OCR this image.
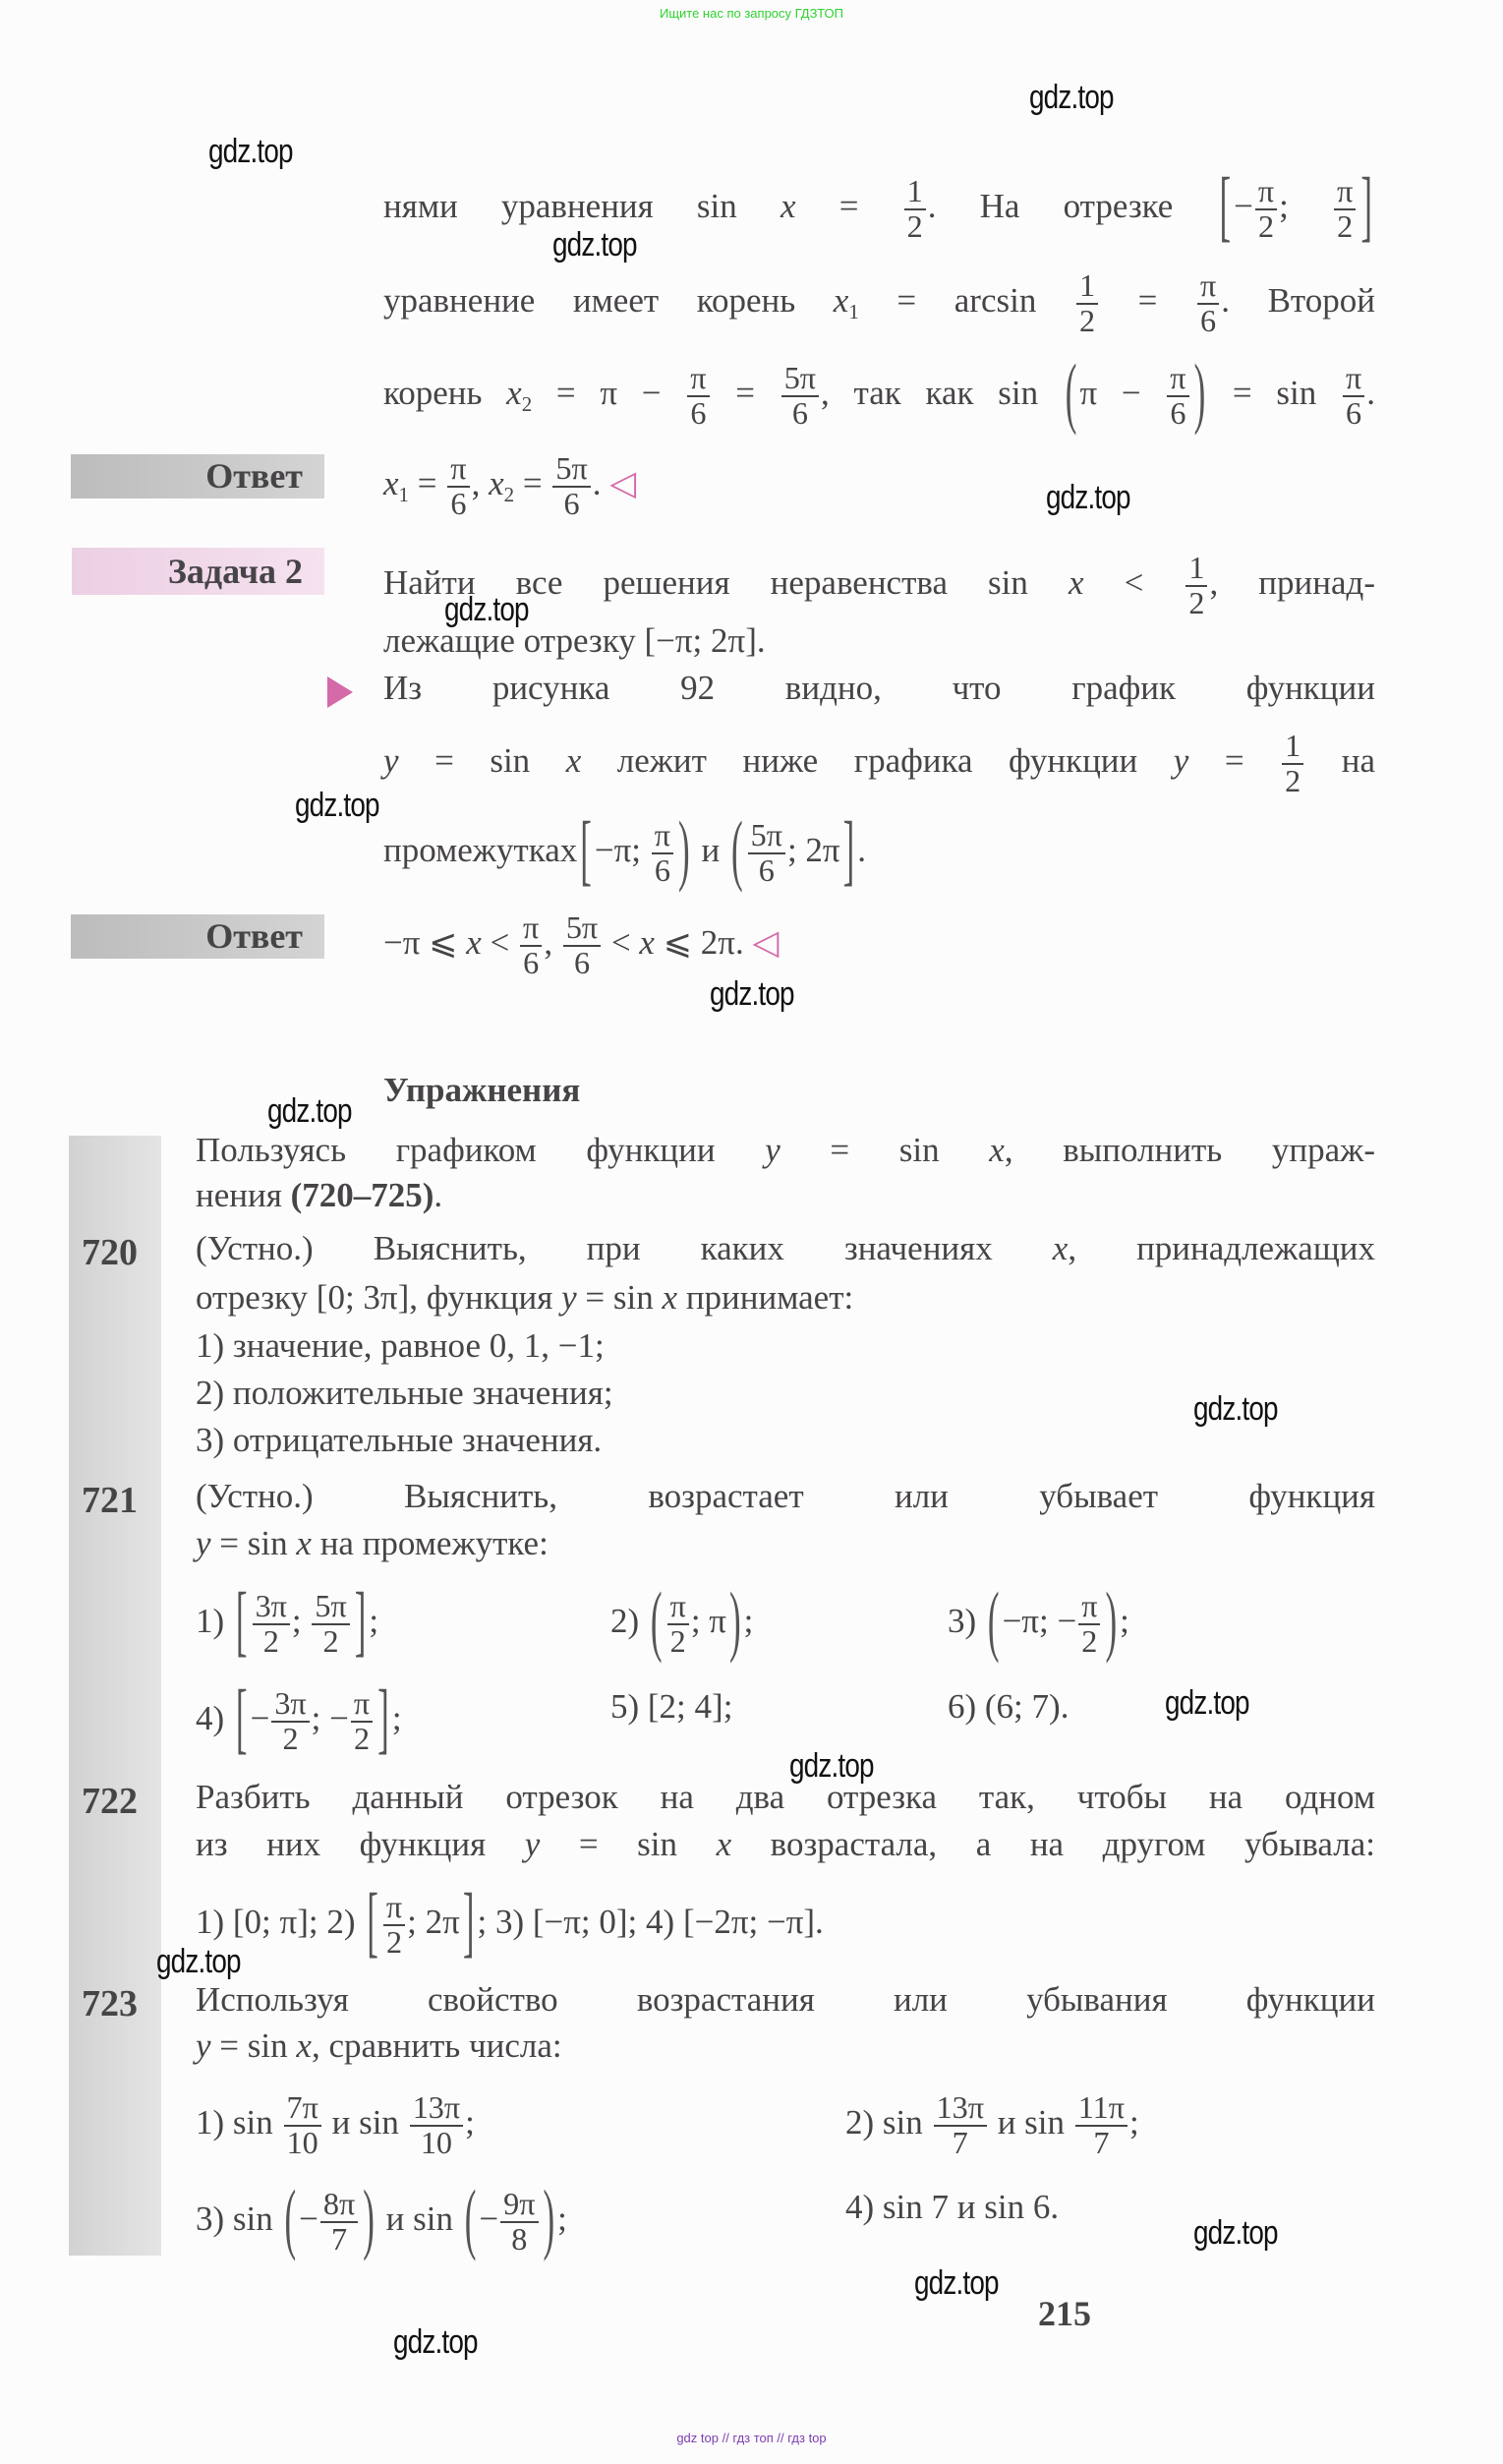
Ищите нас по запросу ГДЗТОП
Ответ
Задача 2
Ответ
нями уравнения $\sin x = \frac{1}{2}$ . На отрезке [− $\frac{\pi}{2}$ ; $\frac{\pi}{2}$ ]
уравнение имеет корень $x_1 = \arcsin \frac{1}{2} = \frac{\pi}{6}$ . Второй
корень $x_2 = \pi - \frac{\pi}{6} = \frac{5\pi}{6}$ , так как $\sin (\pi - \frac{\pi}{6}$ ) = $\sin \frac{\pi}{6}$ .
$x_1 = \frac{\pi}{6}$ , $x_2 = \frac{5\pi}{6}$ . ◁
Найти все решения неравенства $\sin x < \frac{1}{2}$ , принад-
лежащие отрезку [−π; 2π].
Из рисунка 92 видно, что график функции
y = sin x лежит ниже графика функции $y = \frac{1}{2}$ на
промежутках[−π; $\frac{\pi}{6}$ ) и ( $\frac{5\pi}{6}$ ; 2π].
−π ⩽ $x < \frac{\pi}{6}$ , $\frac{5\pi}{6} < x$ ⩽ 2π. ◁
Упражнения
Пользуясь графиком функции y = sin x, выполнить упраж-
нения (720–725).
720 (Устно.) Выяснить, при каких значениях x, принадлежащих
отрезку [0; 3π], функция y = sin x принимает:
1) значение, равное 0, 1, −1;
2) положительные значения;
3) отрицательные значения.
721 (Устно.) Выяснить, возрастает или убывает функция
y = sin x на промежутке:
1) [ $\frac{3\pi}{2}$ ; $\frac{5\pi}{2}$ ];	2) ( $\frac{\pi}{2}$ ; π);	3) (−π; − $\frac{\pi}{2}$ );
4) [− $\frac{3\pi}{2}$ ; − $\frac{\pi}{2}$ ];	5) [2; 4];	6) (6; 7).
722 Разбить данный отрезок на два отрезка так, чтобы на одном
из них функция y = sin x возрастала, а на другом убывала:
1) [0; π]; 2) [ $\frac{\pi}{2}$ ; 2π]; 3) [−π; 0]; 4) [−2π; −π].
723 Используя свойство возрастания или убывания функции
y = sin x, сравнить числа:
1) $\sin \frac{7\pi}{10}$ и $\sin \frac{13\pi}{10}$ ;	2) $\sin \frac{13\pi}{7}$ и $\sin \frac{11\pi}{7}$ ;
3) sin (− $\frac{8\pi}{7}$ ) и sin (− $\frac{9\pi}{8}$ );	4) sin 7 и sin 6.
215
gdz.top
gdz.top
gdz.top
gdz.top
gdz.top
gdz.top
gdz.top
gdz.top
gdz.top
gdz.top
gdz.top
gdz.top
gdz.top
gdz.top
gdz.top
gdz top // гдз топ // гдз top
